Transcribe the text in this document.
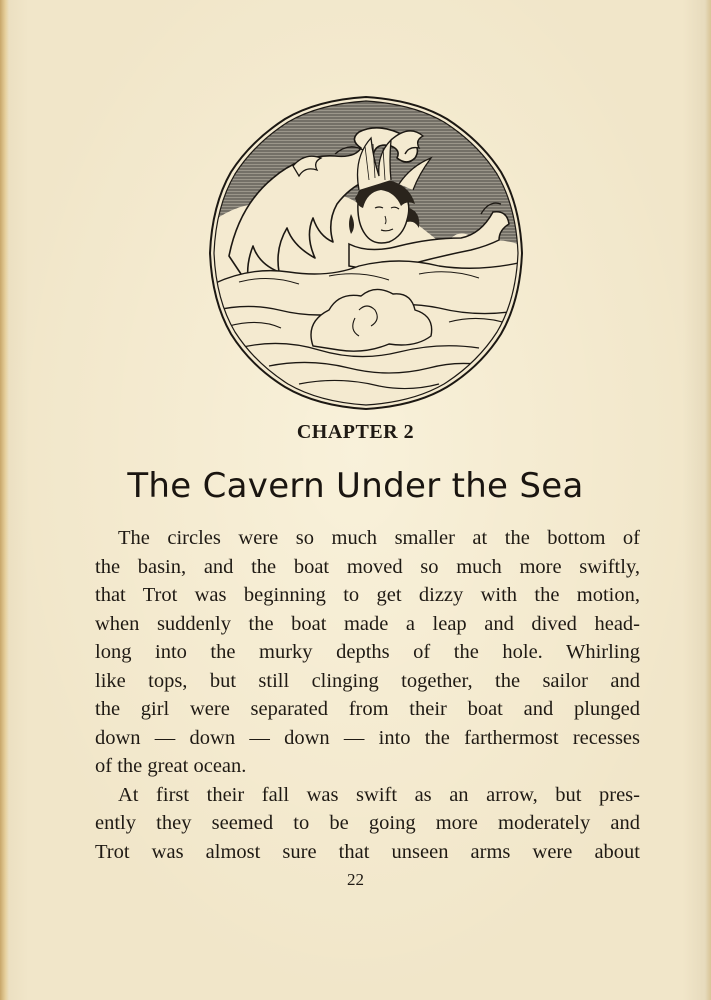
CHAPTER 2
The Cavern Under the Sea
The circles were so much smaller at the bottom of
the basin, and the boat moved so much more swiftly,
that Trot was beginning to get dizzy with the motion,
when suddenly the boat made a leap and dived head-
long into the murky depths of the hole. Whirling
like tops, but still clinging together, the sailor and
the girl were separated from their boat and plunged
down — down — down — into the farthermost recesses
of the great ocean.
At first their fall was swift as an arrow, but pres-
ently they seemed to be going more moderately and
Trot was almost sure that unseen arms were about
22
